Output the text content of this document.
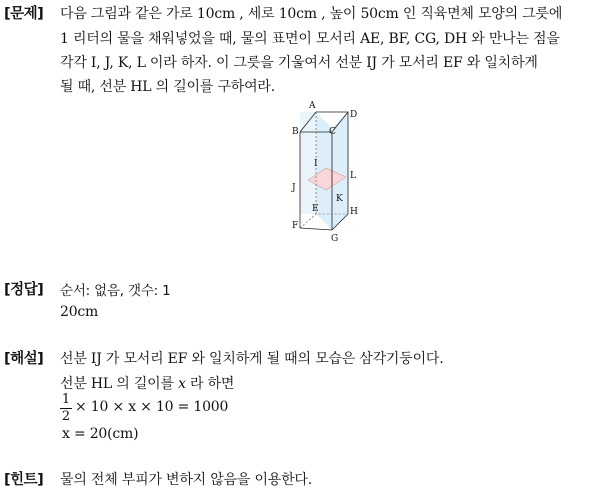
[문제] 다음 그림과 같은 가로 10cm , 세로 10cm , 높이 50cm 인 직육면체 모양의 그릇에
1 리터의 물을 채워넣었을 때, 물의 표면이 모서리 AE, BF, CG, DH 와 만나는 점을
각각 I, J, K, L 이라 하자. 이 그릇을 기울여서 선분 IJ 가 모서리 EF 와 일치하게
될 때, 선분 HL 의 길이를 구하여라.
A
B	C
D
I
J
K
L
E
F
G
H
[정답] 순서: 없음, 갯수: 1
20cm
[해설] 선분 IJ 가 모서리 EF 와 일치하게 될 때의 모습은 삼각기둥이다.
선분 HL 의 길이를 x 라 하면
1
2
× 10 × x × 10 = 1000
x = 20(cm)
[힌트] 물의 전체 부피가 변하지 않음을 이용한다.
